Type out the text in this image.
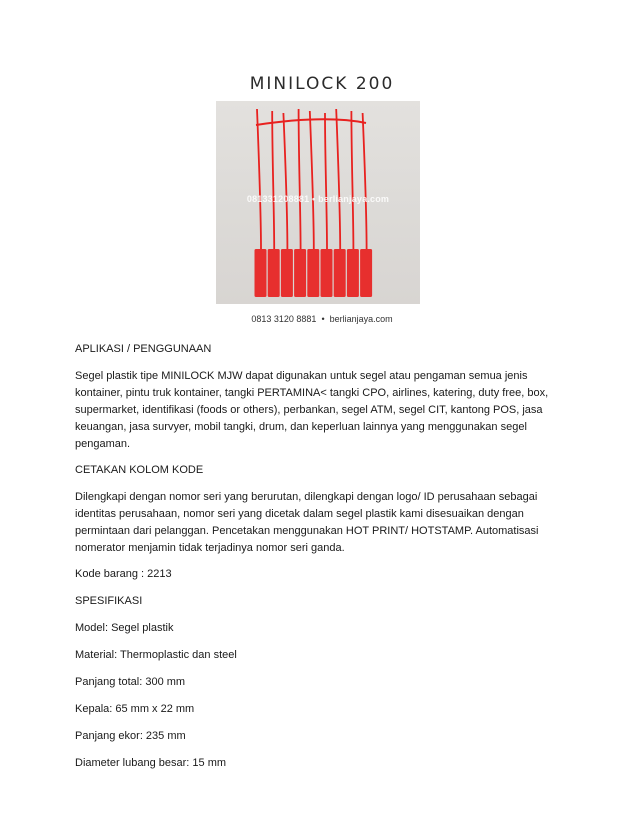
MINILOCK 200
081331208881 • berlianjaya.com
0813 3120 8881 • berlianjaya.com

APLIKASI / PENGGUNAAN

Segel plastik tipe MINILOCK MJW dapat digunakan untuk segel atau pengaman semua jenis kontainer, pintu truk kontainer, tangki PERTAMINA< tangki CPO, airlines, katering, duty free, box, supermarket, identifikasi (foods or others), perbankan, segel ATM, segel CIT, kantong POS, jasa keuangan, jasa survyer, mobil tangki, drum, dan keperluan lainnya yang menggunakan segel pengaman.

CETAKAN KOLOM KODE

Dilengkapi dengan nomor seri yang berurutan, dilengkapi dengan logo/ ID perusahaan sebagai identitas perusahaan, nomor seri yang dicetak dalam segel plastik kami disesuaikan dengan permintaan dari pelanggan. Pencetakan menggunakan HOT PRINT/ HOTSTAMP. Automatisasi nomerator menjamin tidak terjadinya nomor seri ganda.

Kode barang : 2213

SPESIFIKASI

Model: Segel plastik

Material: Thermoplastic dan steel

Panjang total: 300 mm

Kepala: 65 mm x 22 mm

Panjang ekor: 235 mm

Diameter lubang besar: 15 mm
